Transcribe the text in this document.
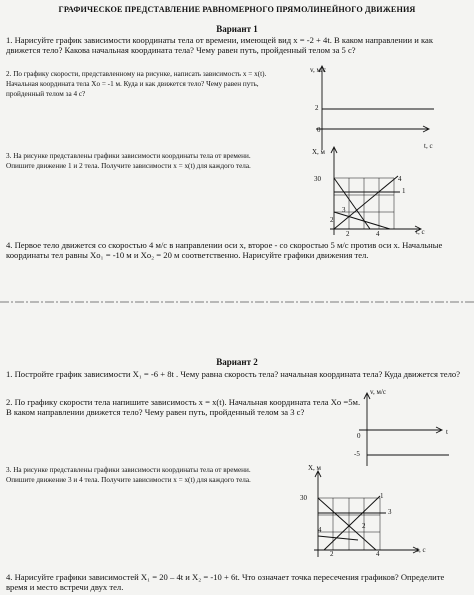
ГРАФИЧЕСКОЕ ПРЕДСТАВЛЕНИЕ РАВНОМЕРНОГО ПРЯМОЛИНЕЙНОГО ДВИЖЕНИЯ

Вариант 1

1. Нарисуйте график зависимости координаты тела от времени, имеющей вид x = -2 + 4t. В каком направлении и как

движется тело? Какова начальная координата тела? Чему равен путь, пройденный телом за 5 с?

2. По графику скорости, представленному на рисунке, написать зависимость x = x(t).

Начальная координата тела Xo = -1 м. Куда и как движется тело? Чему равен путь,

пройденный телом за 4 с?

v, м/с
t, c
2
0

3. На рисунке представлены графики зависимости координаты тела от времени.

Опишите движение 1 и 2 тела. Получите зависимости x = x(t) для каждого тела.

X, м
t, c
30
2	4
1
2
3
4

4. Первое тело движется со скоростью 4 м/с в направлении оси x, второе - со скоростью 5 м/с против оси x. Начальные

координаты тел равны Xo₁ = -10 м и Xo₂ = 20 м соответственно. Нарисуйте графики движения тел.

Вариант 2

1. Постройте график зависимости X₁ = -6 + 8t . Чему равна скорость тела? начальная координата тела? Куда движется тело?

2. По графику скорости тела напишите зависимость x = x(t). Начальная координата тела Xo =5м.

В каком направлении движется тело? Чему равен путь, пройденный телом за 3 с?

v, м/с
t
-5
0

3. На рисунке представлены графики зависимости координаты тела от времени.

Опишите движение 3 и 4 тела. Получите зависимости x = x(t) для каждого тела.

X, м
t, c
30
2	4
1
2
3
4

4. Нарисуйте графики зависимостей X₁ = 20 – 4t и X₂ = -10 + 6t. Что означает точка пересечения графиков? Определите

время и место встречи двух тел.
